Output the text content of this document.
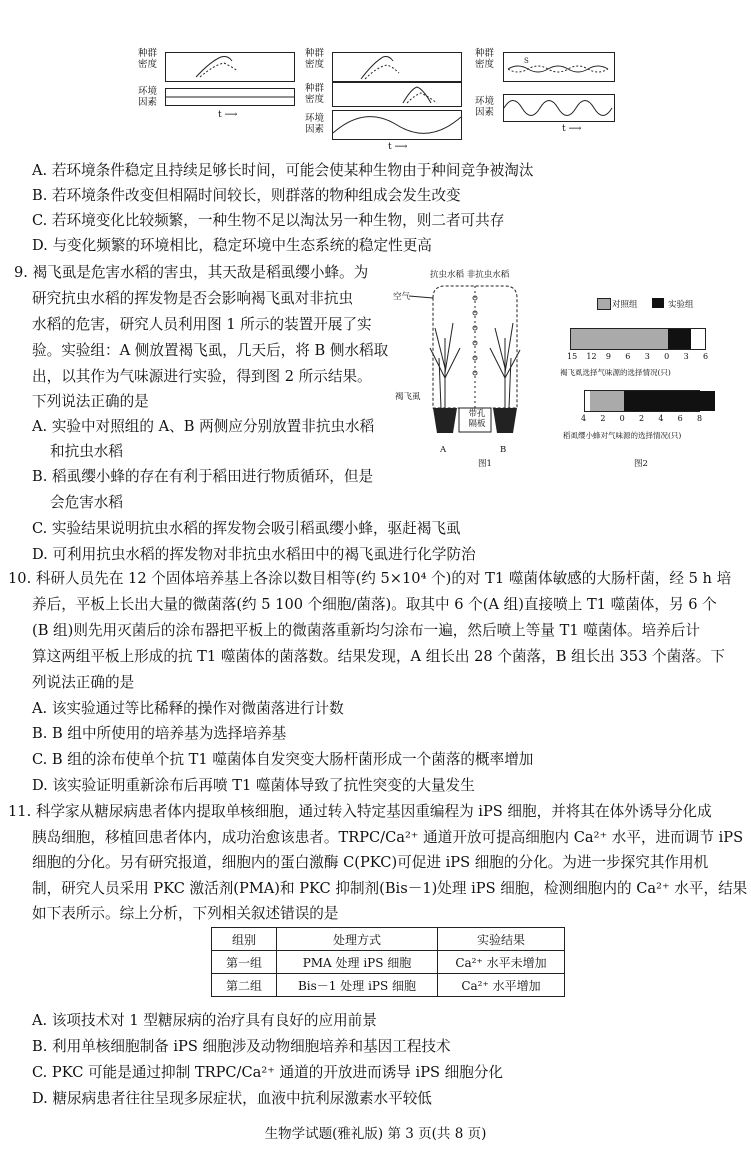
种群
密度
环境
因素
t ⟶
种群
密度
种群
密度
环境
因素
t ⟶
种群
密度	S
环境
因素
t ⟶
A. 若环境条件稳定且持续足够长时间，可能会使某种生物由于种间竞争被淘汰
B. 若环境条件改变但相隔时间较长，则群落的物种组成会发生改变
C. 若环境变化比较频繁，一种生物不足以淘汰另一种生物，则二者可共存
D. 与变化频繁的环境相比，稳定环境中生态系统的稳定性更高
9. 褐飞虱是危害水稻的害虫，其天敌是稻虱缨小蜂。为
研究抗虫水稻的挥发物是否会影响褐飞虱对非抗虫
水稻的危害，研究人员利用图 1 所示的装置开展了实
验。实验组：A 侧放置褐飞虱，几天后，将 B 侧水稻取
出，以其作为气味源进行实验，得到图 2 所示结果。
下列说法正确的是
A. 实验中对照组的 A、B 两侧应分别放置非抗虫水稻
和抗虫水稻
B. 稻虱缨小蜂的存在有利于稻田进行物质循环，但是
会危害水稻
C. 实验结果说明抗虫水稻的挥发物会吸引稻虱缨小蜂，驱赶褐飞虱
D. 可利用抗虫水稻的挥发物对非抗虫水稻田中的褐飞虱进行化学防治
抗虫水稻 非抗虫水稻
空气
褐飞虱
带孔
隔板
A	B
图1
对照组	实验组
15 12 9 6 3 0 3 6
褐飞虱选择气味源的选择情况(只)
4 2 0 2 4 6 8
稻虱缨小蜂对气味源的选择情况(只)
图2
10. 科研人员先在 12 个固体培养基上各涂以数目相等(约 5×10⁴ 个)的对 T1 噬菌体敏感的大肠杆菌，经 5 h 培
养后，平板上长出大量的微菌落(约 5 100 个细胞/菌落)。取其中 6 个(A 组)直接喷上 T1 噬菌体，另 6 个
(B 组)则先用灭菌后的涂布器把平板上的微菌落重新均匀涂布一遍，然后喷上等量 T1 噬菌体。培养后计
算这两组平板上形成的抗 T1 噬菌体的菌落数。结果发现，A 组长出 28 个菌落，B 组长出 353 个菌落。下
列说法正确的是
A. 该实验通过等比稀释的操作对微菌落进行计数
B. B 组中所使用的培养基为选择培养基
C. B 组的涂布使单个抗 T1 噬菌体自发突变大肠杆菌形成一个菌落的概率增加
D. 该实验证明重新涂布后再喷 T1 噬菌体导致了抗性突变的大量发生
11. 科学家从糖尿病患者体内提取单核细胞，通过转入特定基因重编程为 iPS 细胞，并将其在体外诱导分化成
胰岛细胞，移植回患者体内，成功治愈该患者。TRPC/Ca²⁺ 通道开放可提高细胞内 Ca²⁺ 水平，进而调节 iPS
细胞的分化。另有研究报道，细胞内的蛋白激酶 C(PKC)可促进 iPS 细胞的分化。为进一步探究其作用机
制，研究人员采用 PKC 激活剂(PMA)和 PKC 抑制剂(Bis－1)处理 iPS 细胞，检测细胞内的 Ca²⁺ 水平，结果
如下表所示。综上分析，下列相关叙述错误的是
组别	处理方式	实验结果
第一组	PMA 处理 iPS 细胞	Ca²⁺ 水平未增加
第二组	Bis－1 处理 iPS 细胞	Ca²⁺ 水平增加
A. 该项技术对 1 型糖尿病的治疗具有良好的应用前景
B. 利用单核细胞制备 iPS 细胞涉及动物细胞培养和基因工程技术
C. PKC 可能是通过抑制 TRPC/Ca²⁺ 通道的开放进而诱导 iPS 细胞分化
D. 糖尿病患者往往呈现多尿症状，血液中抗利尿激素水平较低
生物学试题(雅礼版) 第 3 页(共 8 页)
